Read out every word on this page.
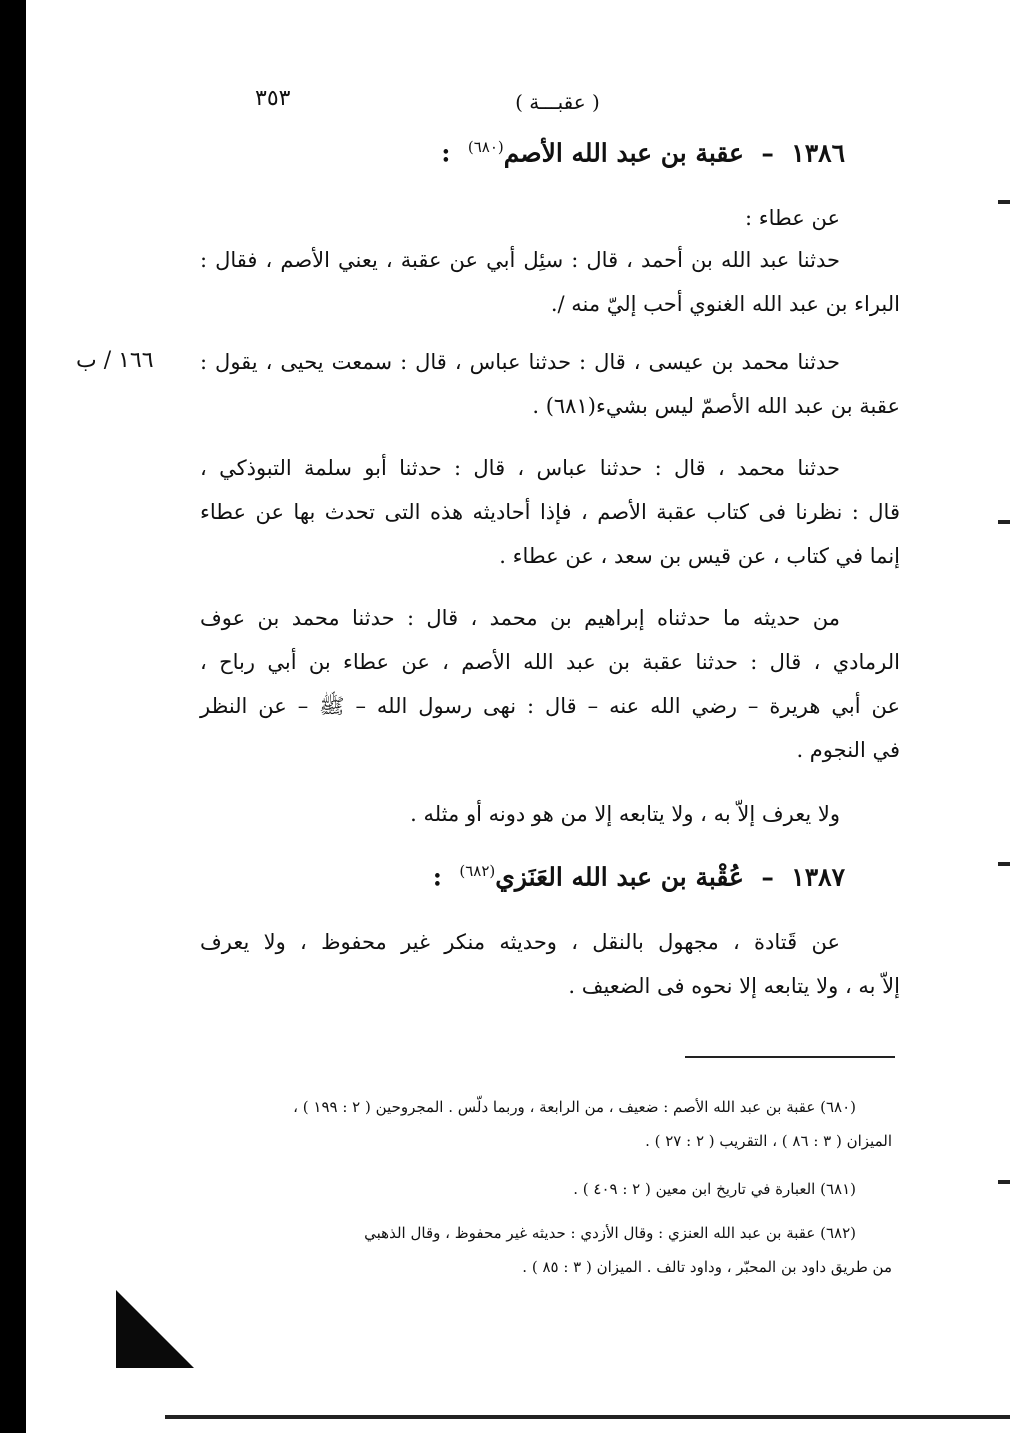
٣٥٣	( عقبـــة )
١٣٨٦  –  عقبة بن عبد الله الأصم$^{(٦٨٠)}$  :
عن عطاء :
حدثنا عبد الله بن أحمد ، قال : سئِل أبي عن عقبة ، يعني الأصم ، فقال :
البراء بن عبد الله الغنوي أحب إليّ منه /.
١٦٦ / ب حدثنا محمد بن عيسى ، قال : حدثنا عباس ، قال : سمعت يحيى ، يقول :
عقبة بن عبد الله الأصمّ ليس بشيء(٦٨١) .
حدثنا محمد ، قال : حدثنا عباس ، قال : حدثنا أبو سلمة التبوذكي ،
قال : نظرنا فى كتاب عقبة الأصم ، فإذا أحاديثه هذه التى تحدث بها عن عطاء
إنما في كتاب ، عن قيس بن سعد ، عن عطاء .
من حديثه ما حدثناه إبراهيم بن محمد ، قال : حدثنا محمد بن عوف
الرمادي ، قال : حدثنا عقبة بن عبد الله الأصم ، عن عطاء بن أبي رباح ،
عن أبي هريرة – رضي الله عنه – قال : نهى رسول الله – ﷺ – عن النظر
في النجوم .
ولا يعرف إلاّ به ، ولا يتابعه إلا من هو دونه أو مثله .
١٣٨٧  –  عُقْبة بن عبد الله العَنَزي$^{(٦٨٢)}$  :
عن قَتادة ، مجهول بالنقل ، وحديثه منكر غير محفوظ ، ولا يعرف
إلاّ به ، ولا يتابعه إلا نحوه فى الضعيف .
(٦٨٠) عقبة بن عبد الله الأصم : ضعيف ، من الرابعة ، وربما دلّس . المجروحين ( ٢ : ١٩٩ ) ،
الميزان ( ٣ : ٨٦ ) ، التقريب ( ٢ : ٢٧ ) .
(٦٨١) العبارة في تاريخ ابن معين ( ٢ : ٤٠٩ ) .
(٦٨٢) عقبة بن عبد الله العنزي : وقال الأزدي : حديثه غير محفوظ ، وقال الذهبي
من طريق داود بن المحبّر ، وداود تالف . الميزان ( ٣ : ٨٥ ) .
